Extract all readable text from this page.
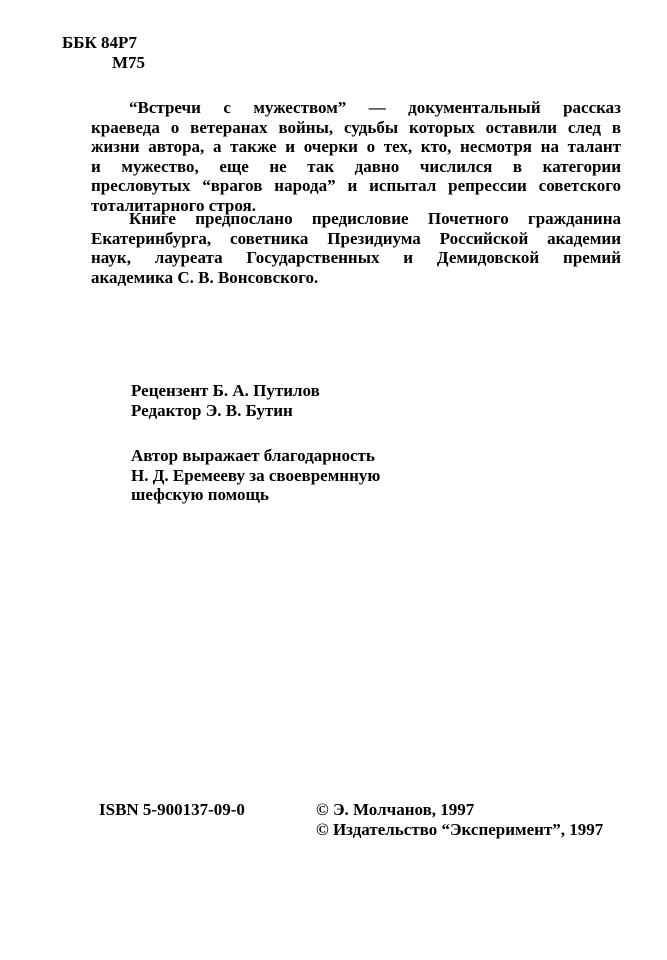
ББК 84Р7
М75
“Встречи с мужеством” — документальный рассказ
краеведа о ветеранах войны, судьбы которых оставили след в
жизни автора, а также и очерки о тех, кто, несмотря на талант
и мужество, еще не так давно числился в категории
пресловутых “врагов народа” и испытал репрессии советского
тоталитарного строя.
Книге предпослано предисловие Почетного гражданина
Екатеринбурга, советника Президиума Российской академии
наук, лауреата Государственных и Демидовской премий
академика С. В. Вонсовского.
Рецензент Б. А. Путилов
Редактор Э. В. Бутин
Автор выражает благодарность
Н. Д. Еремееву за своевремнную
шефскую помощь
ISBN 5-900137-09-0	© Э. Молчанов, 1997
© Издательство “Эксперимент”, 1997
